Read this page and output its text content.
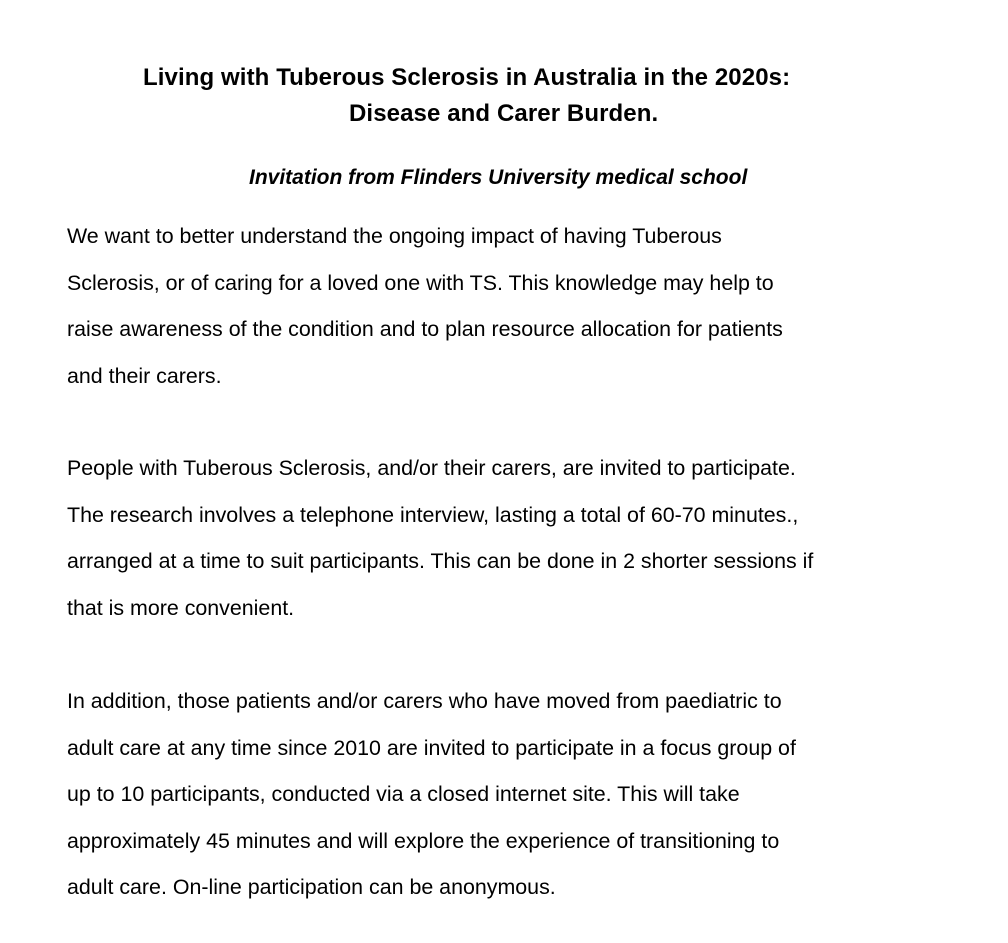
Living with Tuberous Sclerosis in Australia in the 2020s:
Disease and Carer Burden.
Invitation from Flinders University medical school
We want to better understand the ongoing impact of having Tuberous
Sclerosis, or of caring for a loved one with TS. This knowledge may help to
raise awareness of the condition and to plan resource allocation for patients
and their carers.
People with Tuberous Sclerosis, and/or their carers, are invited to participate.
The research involves a telephone interview, lasting a total of 60-70 minutes.,
arranged at a time to suit participants. This can be done in 2 shorter sessions if
that is more convenient.
In addition, those patients and/or carers who have moved from paediatric to
adult care at any time since 2010 are invited to participate in a focus group of
up to 10 participants, conducted via a closed internet site. This will take
approximately 45 minutes and will explore the experience of transitioning to
adult care. On-line participation can be anonymous.
